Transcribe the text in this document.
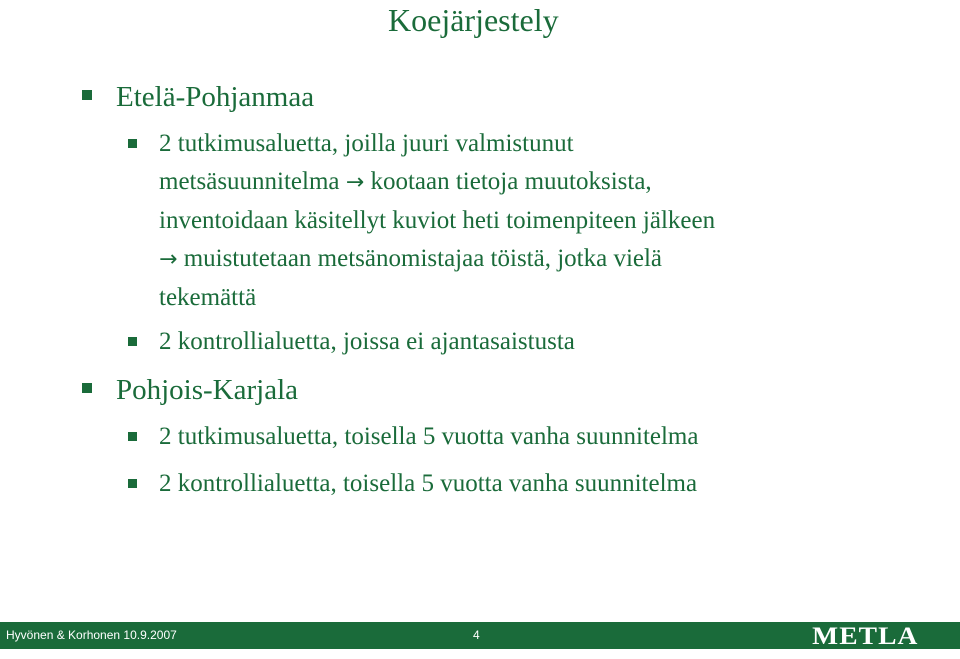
Koejärjestely
Etelä-Pohjanmaa
2 tutkimusaluetta, joilla juuri valmistunut
metsäsuunnitelma → kootaan tietoja muutoksista,
inventoidaan käsitellyt kuviot heti toimenpiteen jälkeen
→ muistutetaan metsänomistajaa töistä, jotka vielä
tekemättä
2 kontrollialuetta, joissa ei ajantasaistusta
Pohjois-Karjala
2 tutkimusaluetta, toisella 5 vuotta vanha suunnitelma
2 kontrollialuetta, toisella 5 vuotta vanha suunnitelma
Hyvönen & Korhonen 10.9.2007	4	METLA
